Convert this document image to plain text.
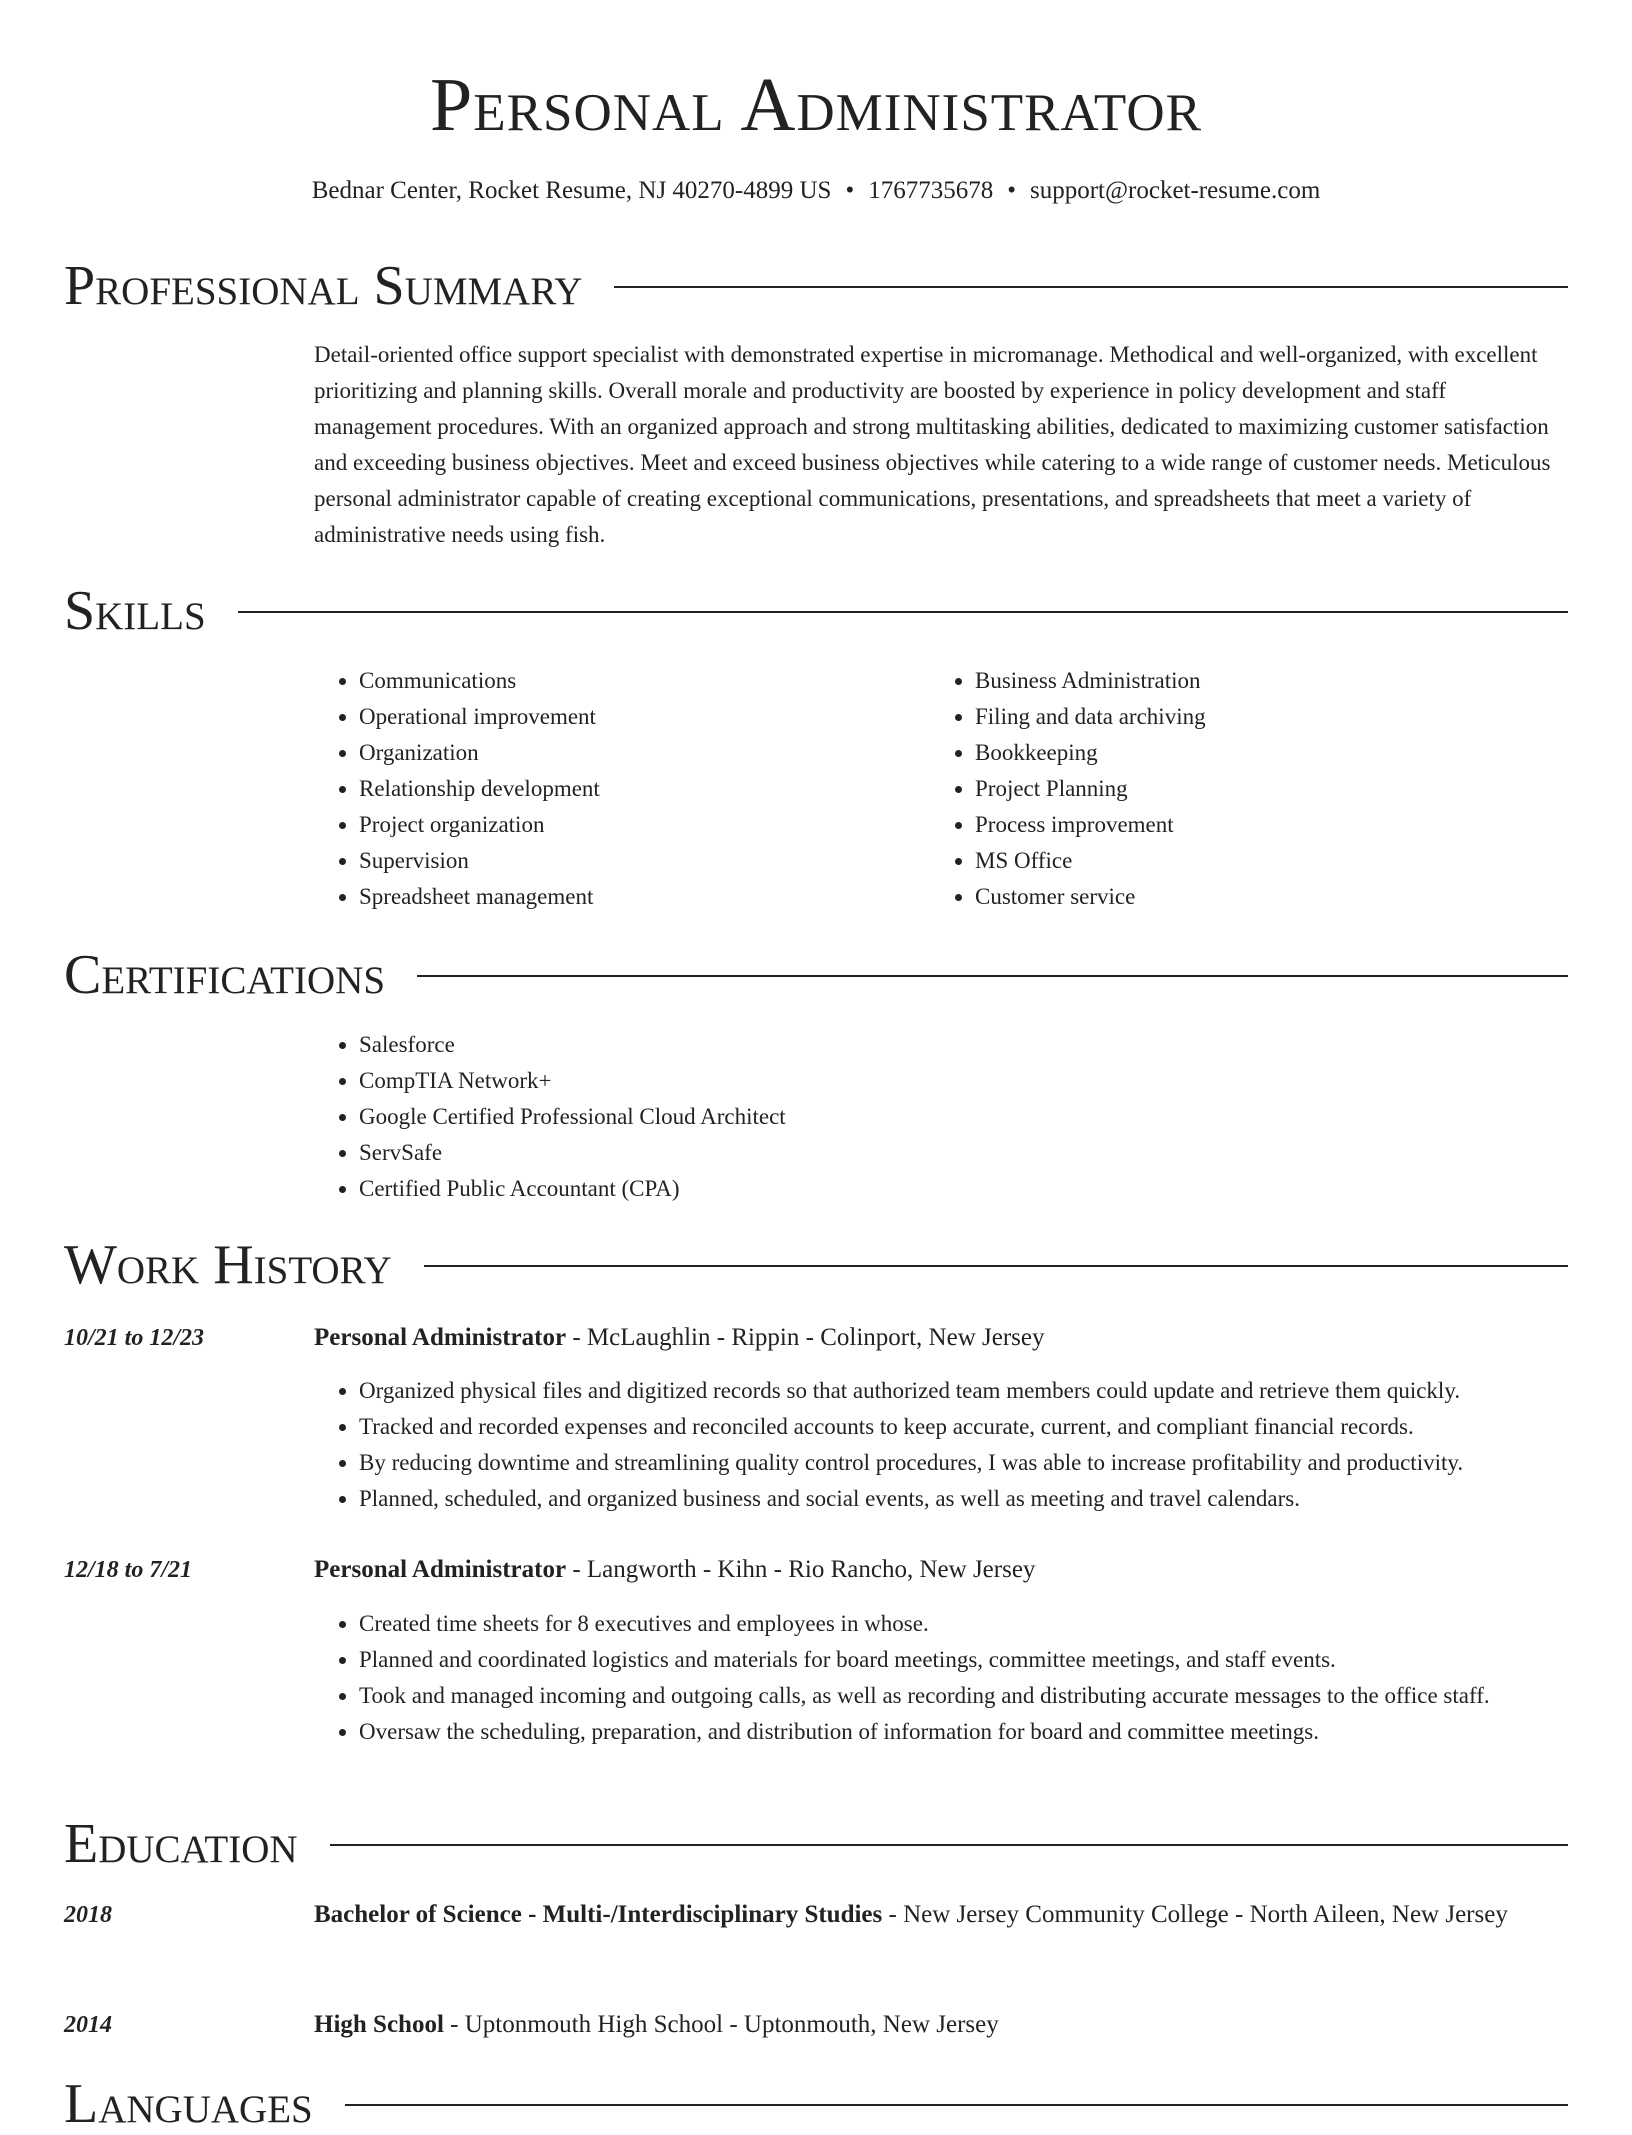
Personal Administrator
Bednar Center, Rocket Resume, NJ 40270-4899 US • 1767735678 • support@rocket-resume.com
Professional Summary
Detail-oriented office support specialist with demonstrated expertise in micromanage. Methodical and well-organized, with excellent prioritizing and planning skills. Overall morale and productivity are boosted by experience in policy development and staff management procedures. With an organized approach and strong multitasking abilities, dedicated to maximizing customer satisfaction and exceeding business objectives. Meet and exceed business objectives while catering to a wide range of customer needs. Meticulous personal administrator capable of creating exceptional communications, presentations, and spreadsheets that meet a variety of administrative needs using fish.
Skills
• Communications
• Operational improvement
• Organization
• Relationship development
• Project organization
• Supervision
• Spreadsheet management
• Business Administration
• Filing and data archiving
• Bookkeeping
• Project Planning
• Process improvement
• MS Office
• Customer service
Certifications
• Salesforce
• CompTIA Network+
• Google Certified Professional Cloud Architect
• ServSafe
• Certified Public Accountant (CPA)
Work History
10/21 to 12/23	Personal Administrator - McLaughlin - Rippin - Colinport, New Jersey
• Organized physical files and digitized records so that authorized team members could update and retrieve them quickly.
• Tracked and recorded expenses and reconciled accounts to keep accurate, current, and compliant financial records.
• By reducing downtime and streamlining quality control procedures, I was able to increase profitability and productivity.
• Planned, scheduled, and organized business and social events, as well as meeting and travel calendars.
12/18 to 7/21	Personal Administrator - Langworth - Kihn - Rio Rancho, New Jersey
• Created time sheets for 8 executives and employees in whose.
• Planned and coordinated logistics and materials for board meetings, committee meetings, and staff events.
• Took and managed incoming and outgoing calls, as well as recording and distributing accurate messages to the office staff.
• Oversaw the scheduling, preparation, and distribution of information for board and committee meetings.
Education
2018	Bachelor of Science - Multi-/Interdisciplinary Studies - New Jersey Community College - North Aileen, New Jersey
2014	High School - Uptonmouth High School - Uptonmouth, New Jersey
Languages
